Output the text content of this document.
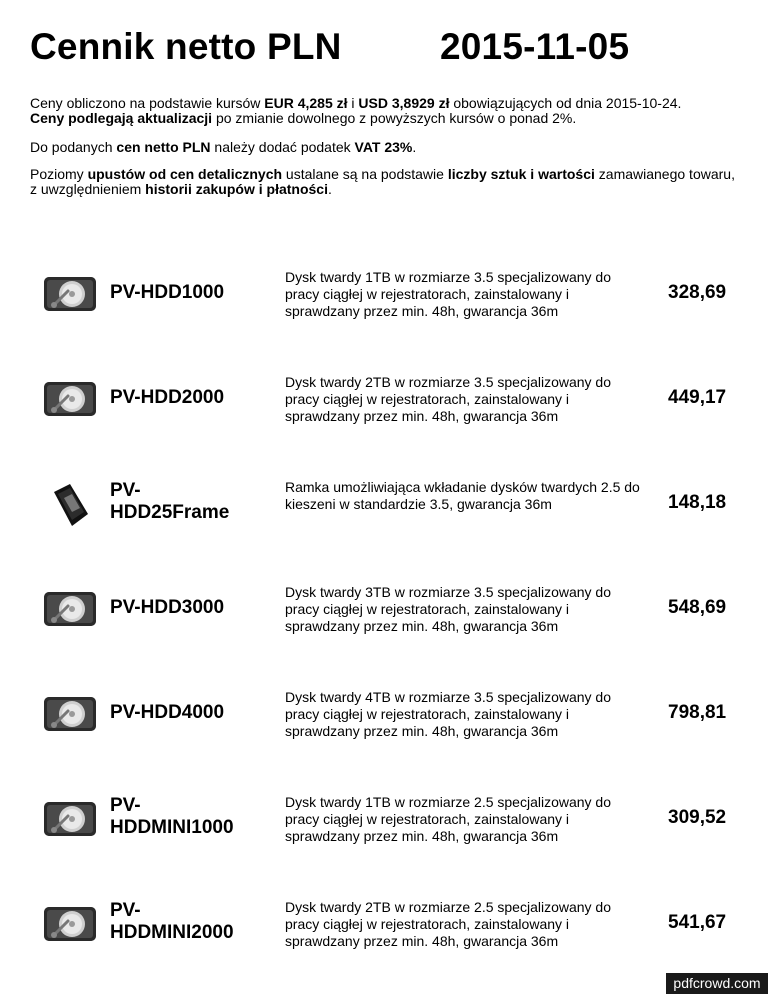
Cennik netto PLN	2015-11-05

Ceny obliczono na podstawie kursów EUR 4,285 zł i USD 3,8929 zł obowiązujących od dnia 2015-10-24.

Ceny podlegają aktualizacji po zmianie dowolnego z powyższych kursów o ponad 2%.

Do podanych cen netto PLN należy dodać podatek VAT 23%.

Poziomy upustów od cen detalicznych ustalane są na podstawie liczby sztuk i wartości zamawianego towaru,
z uwzględnieniem historii zakupów i płatności.

PV-HDD1000
Dysk twardy 1TB w rozmiarze 3.5 specjalizowany do pracy ciągłej w rejestratorach, zainstalowany i sprawdzany przez min. 48h, gwarancja 36m
328,69
PV-HDD2000
Dysk twardy 2TB w rozmiarze 3.5 specjalizowany do pracy ciągłej w rejestratorach, zainstalowany i sprawdzany przez min. 48h, gwarancja 36m
449,17
PV-
HDD25Frame
Ramka umożliwiająca wkładanie dysków twardych 2.5 do kieszeni w standardzie 3.5, gwarancja 36m	148,18
PV-HDD3000
Dysk twardy 3TB w rozmiarze 3.5 specjalizowany do pracy ciągłej w rejestratorach, zainstalowany i sprawdzany przez min. 48h, gwarancja 36m
548,69
PV-HDD4000
Dysk twardy 4TB w rozmiarze 3.5 specjalizowany do pracy ciągłej w rejestratorach, zainstalowany i sprawdzany przez min. 48h, gwarancja 36m
798,81
PV-
HDDMINI1000
Dysk twardy 1TB w rozmiarze 2.5 specjalizowany do pracy ciągłej w rejestratorach, zainstalowany i sprawdzany przez min. 48h, gwarancja 36m
309,52
PV-
HDDMINI2000
Dysk twardy 2TB w rozmiarze 2.5 specjalizowany do pracy ciągłej w rejestratorach, zainstalowany i sprawdzany przez min. 48h, gwarancja 36m
541,67
pdfcrowd.com
